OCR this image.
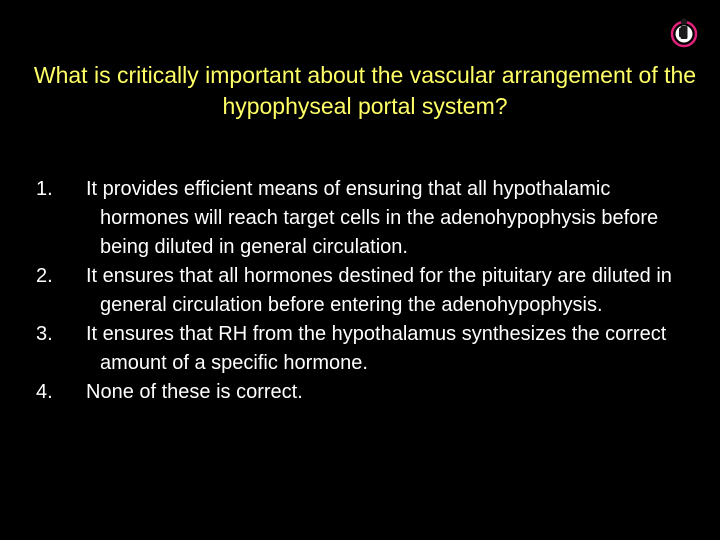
What is critically important about the vascular arrangement of the hypophyseal portal system?
1. It provides efficient means of ensuring that all hypothalamic hormones will reach target cells in the adenohypophysis before being diluted in general circulation.
2. It ensures that all hormones destined for the pituitary are diluted in general circulation before entering the adenohypophysis.
3. It ensures that RH from the hypothalamus synthesizes the correct amount of a specific hormone.
4. None of these is correct.
